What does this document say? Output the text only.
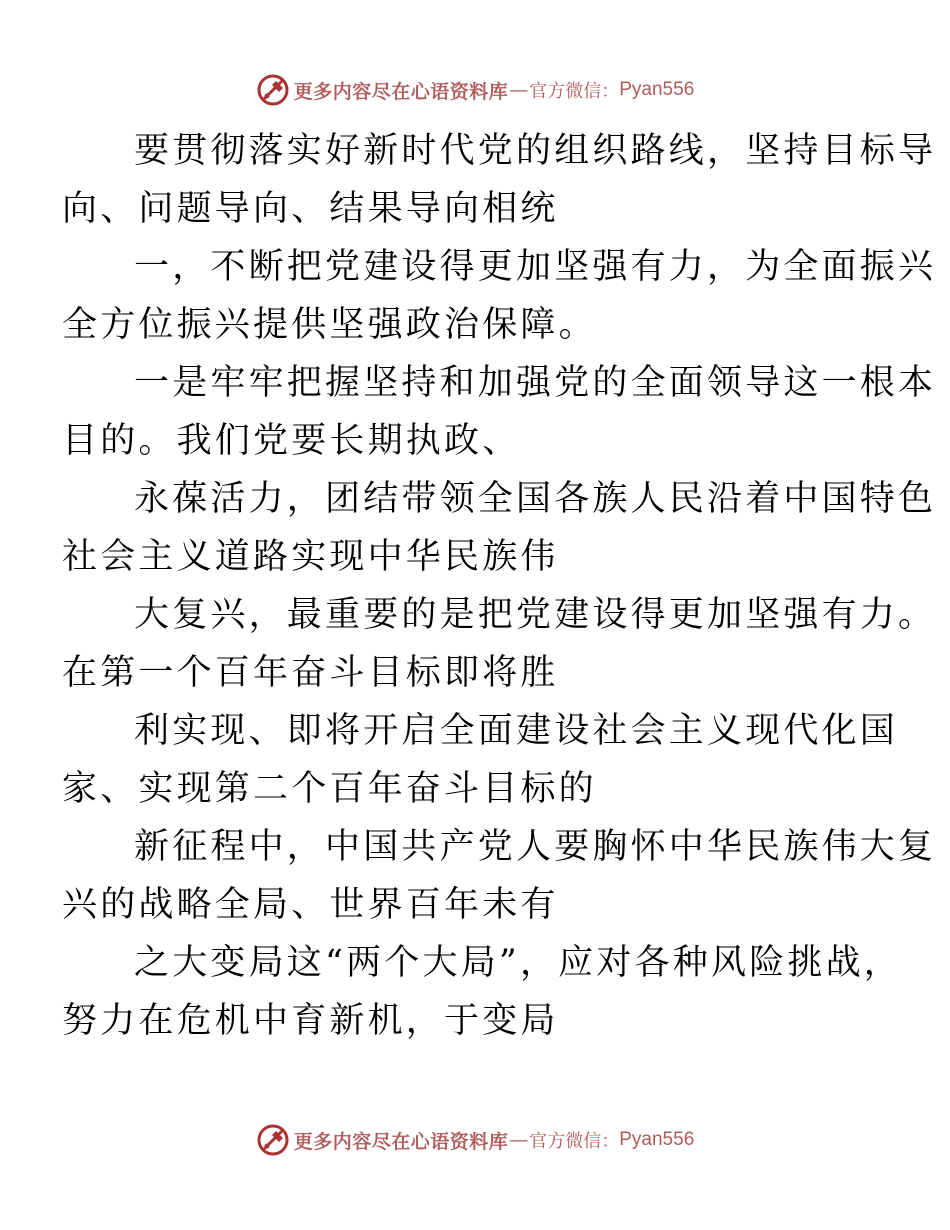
更多内容尽在心语资料库 — 官方微信： Pyan556

要贯彻落实好新时代党的组织路线，坚持目标导
向、问题导向、结果导向相统

一，不断把党建设得更加坚强有力，为全面振兴
全方位振兴提供坚强政治保障。

一是牢牢把握坚持和加强党的全面领导这一根本
目的。我们党要长期执政、

永葆活力，团结带领全国各族人民沿着中国特色
社会主义道路实现中华民族伟

大复兴，最重要的是把党建设得更加坚强有力。
在第一个百年奋斗目标即将胜

利实现、即将开启全面建设社会主义现代化国
家、实现第二个百年奋斗目标的

新征程中，中国共产党人要胸怀中华民族伟大复
兴的战略全局、世界百年未有

之大变局这“两个大局”，应对各种风险挑战，
努力在危机中育新机，于变局

更多内容尽在心语资料库 — 官方微信： Pyan556
